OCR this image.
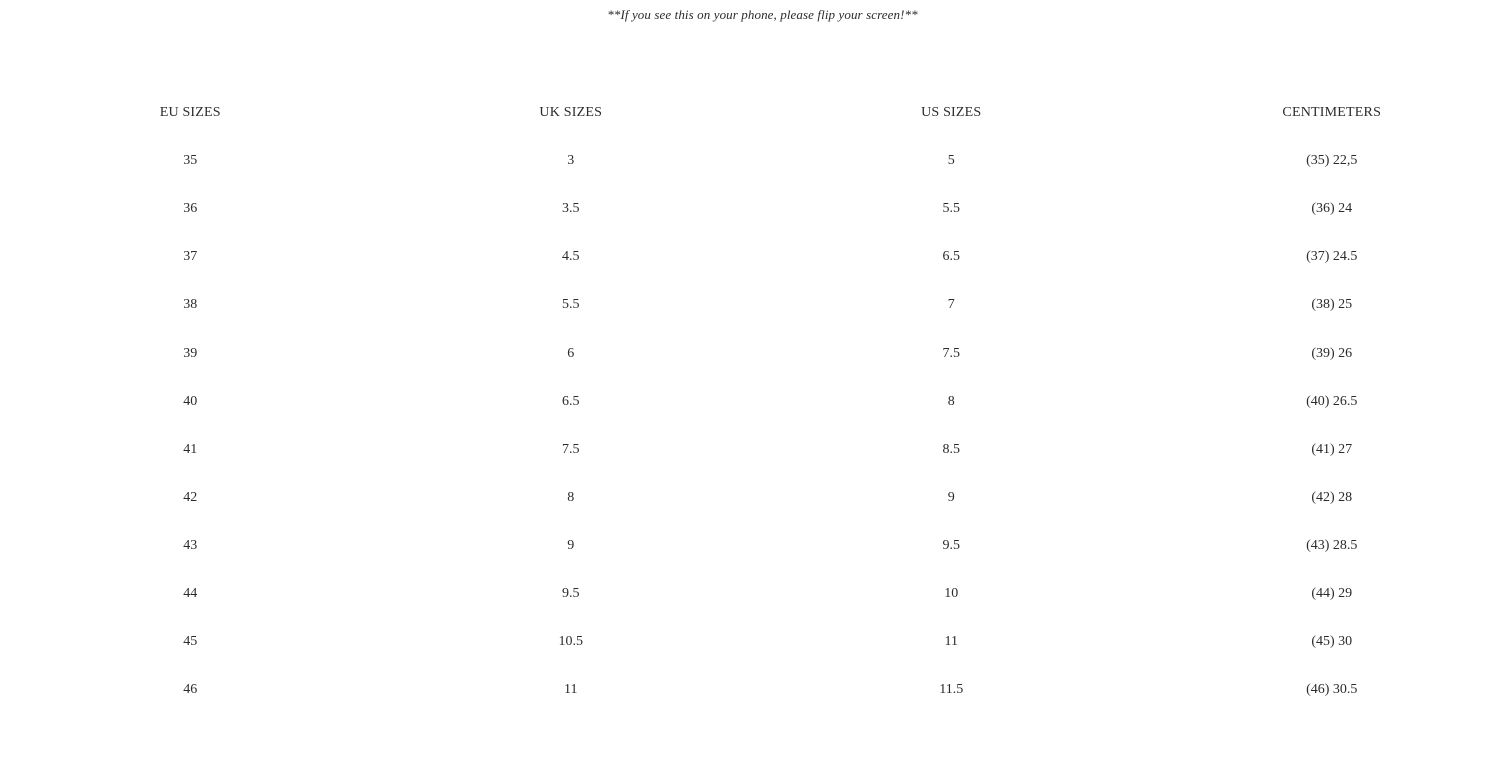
**If you see this on your phone, please flip your screen!**
EU SIZES	UK SIZES	US SIZES	CENTIMETERS
35	3	5	(35) 22,5
36	3.5	5.5	(36) 24
37	4.5	6.5	(37) 24.5
38	5.5	7	(38) 25
39	6	7.5	(39) 26
40	6.5	8	(40) 26.5
41	7.5	8.5	(41) 27
42	8	9	(42) 28
43	9	9.5	(43) 28.5
44	9.5	10	(44) 29
45	10.5	11	(45) 30
46	11	11.5	(46) 30.5
